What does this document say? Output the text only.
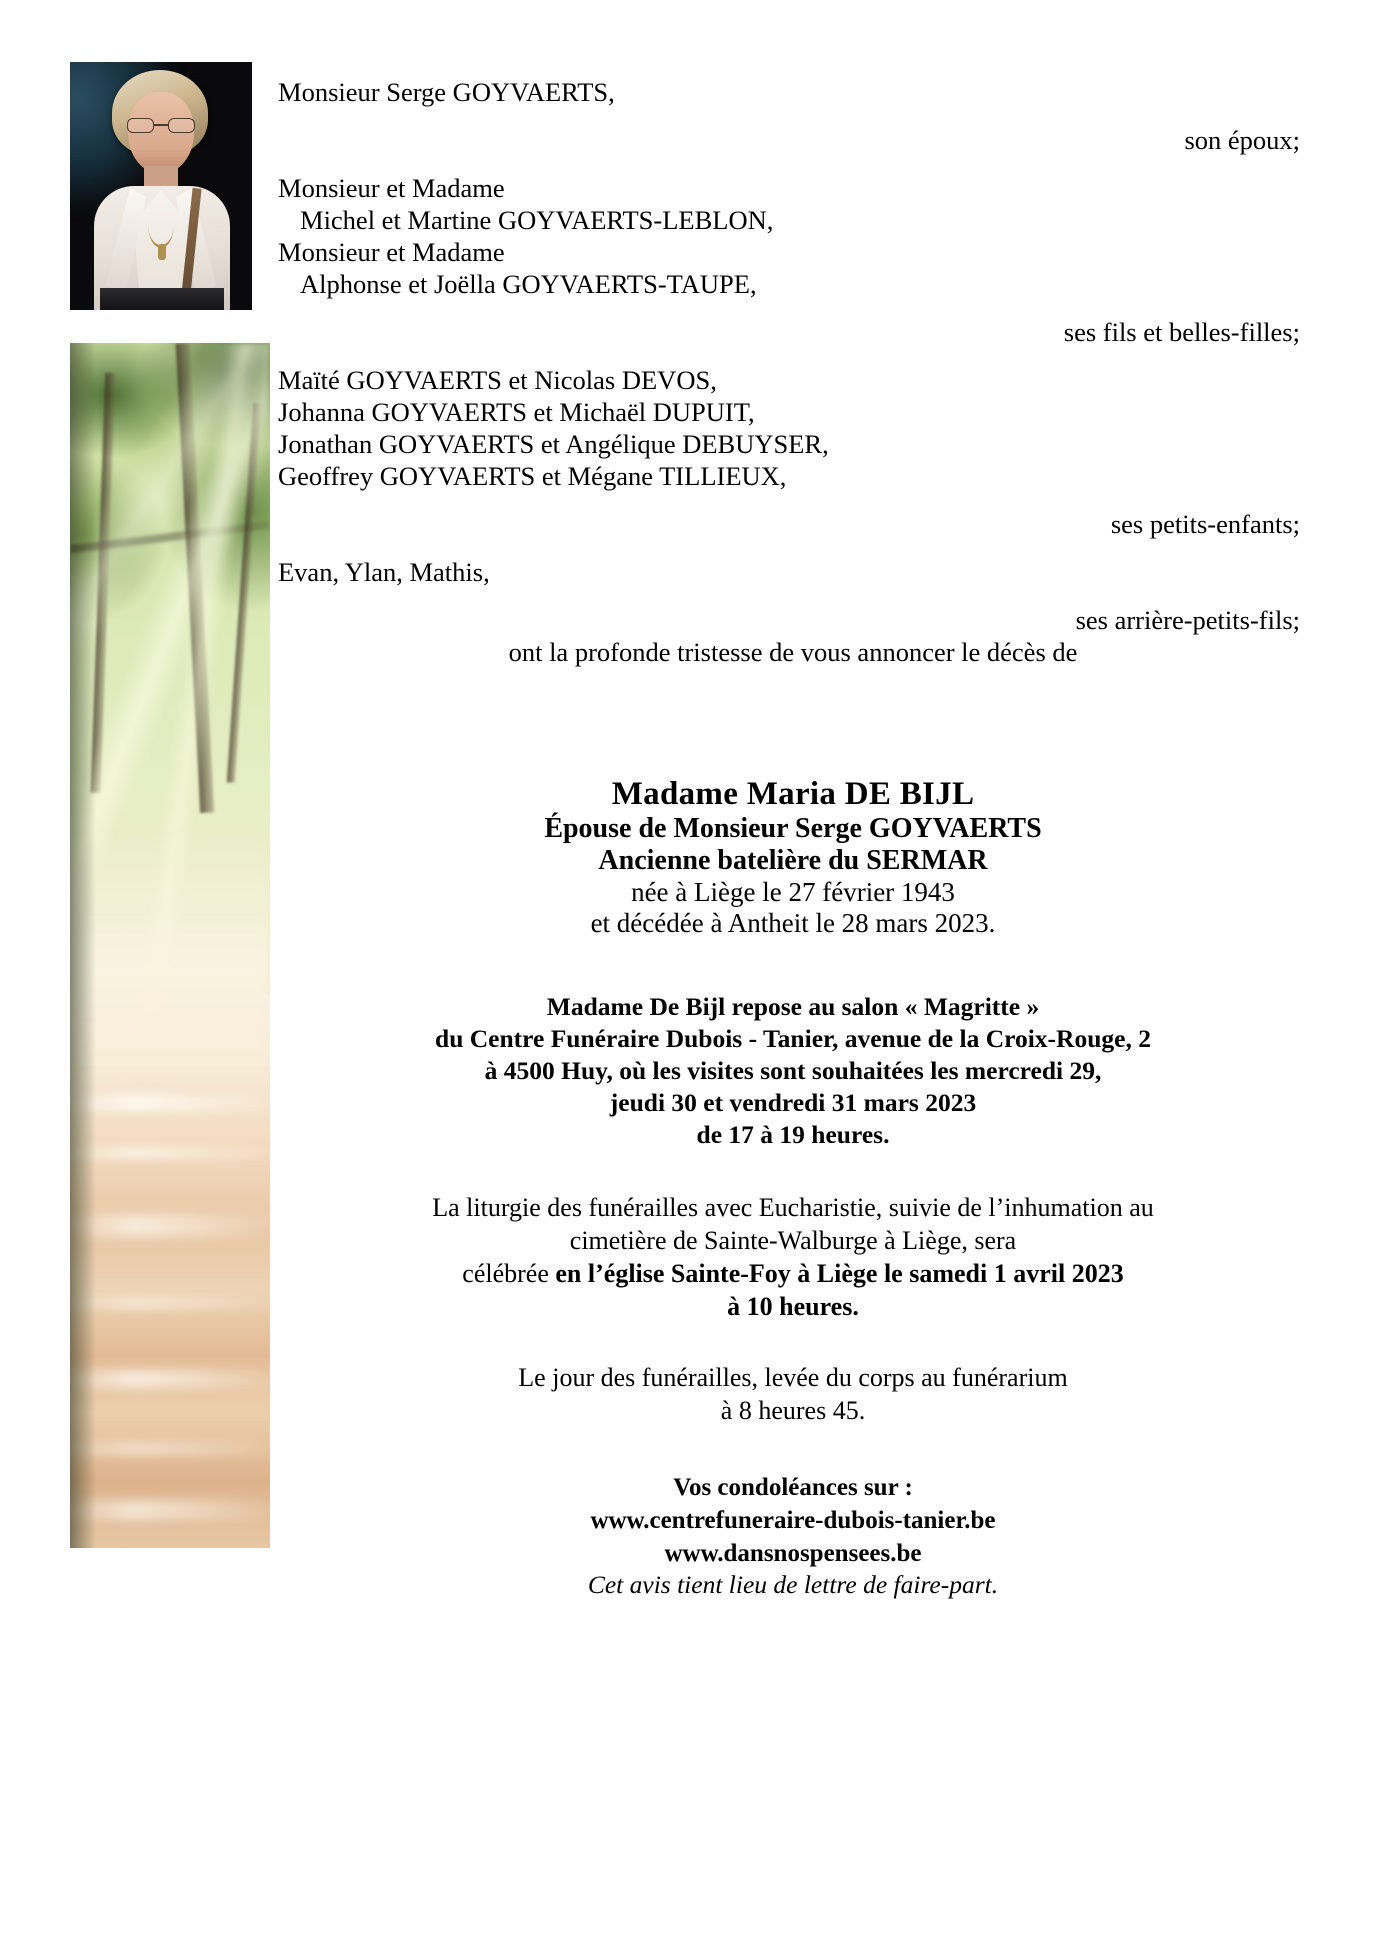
Monsieur Serge GOYVAERTS,

son époux;

Monsieur et Madame

Michel et Martine GOYVAERTS-LEBLON,

Monsieur et Madame

Alphonse et Joëlla GOYVAERTS-TAUPE,

ses fils et belles-filles;

Maïté GOYVAERTS et Nicolas DEVOS,

Johanna GOYVAERTS et Michaël DUPUIT,

Jonathan GOYVAERTS et Angélique DEBUYSER,

Geoffrey GOYVAERTS et Mégane TILLIEUX,

ses petits-enfants;

Evan, Ylan, Mathis,

ses arrière-petits-fils;

ont la profonde tristesse de vous annoncer le décès de

Madame Maria DE BIJL

Épouse de Monsieur Serge GOYVAERTS

Ancienne batelière du SERMAR

née à Liège le 27 février 1943

et décédée à Antheit le 28 mars 2023.

Madame De Bijl repose au salon « Magritte »

du Centre Funéraire Dubois - Tanier, avenue de la Croix-Rouge, 2

à 4500 Huy, où les visites sont souhaitées les mercredi 29,

jeudi 30 et vendredi 31 mars 2023

de 17 à 19 heures.

La liturgie des funérailles avec Eucharistie, suivie de l’inhumation au

cimetière de Sainte-Walburge à Liège, sera

célébrée en l’église Sainte-Foy à Liège le samedi 1 avril 2023

à 10 heures.

Le jour des funérailles, levée du corps au funérarium

à 8 heures 45.

Vos condoléances sur :

www.centrefuneraire-dubois-tanier.be

www.dansnospensees.be

Cet avis tient lieu de lettre de faire-part.
